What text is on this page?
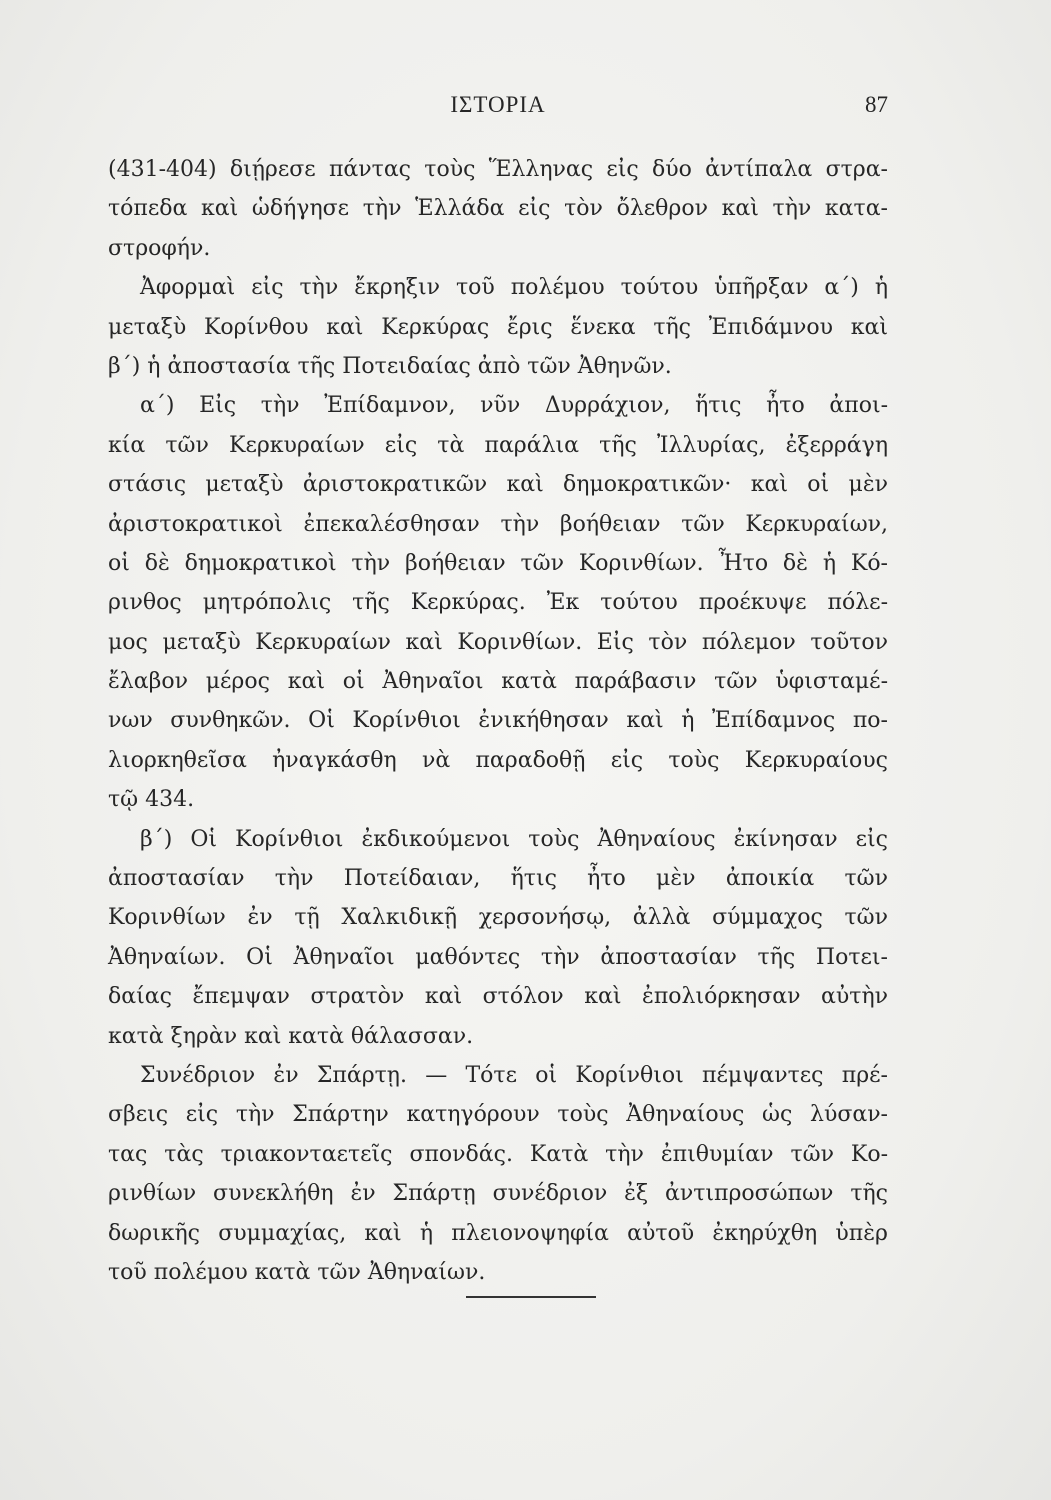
ΙΣΤΟΡΙΑ	87
(431-404) διῄρεσε πάντας τοὺς Ἕλληνας εἰς δύο ἀντίπαλα στρα-
τόπεδα καὶ ὡδήγησε τὴν Ἑλλάδα εἰς τὸν ὄλεθρον καὶ τὴν κατα-
στροφήν.
Ἀφορμαὶ εἰς τὴν ἔκρηξιν τοῦ πολέμου τούτου ὑπῆρξαν α΄) ἡ
μεταξὺ Κορίνθου καὶ Κερκύρας ἔρις ἕνεκα τῆς Ἐπιδάμνου καὶ
β΄) ἡ ἀποστασία τῆς Ποτειδαίας ἀπὸ τῶν Ἀθηνῶν.
α΄) Εἰς τὴν Ἐπίδαμνον, νῦν Δυρράχιον, ἥτις ἦτο ἀποι-
κία τῶν Κερκυραίων εἰς τὰ παράλια τῆς Ἰλλυρίας, ἐξερράγη
στάσις μεταξὺ ἀριστοκρατικῶν καὶ δημοκρατικῶν· καὶ οἱ μὲν
ἀριστοκρατικοὶ ἐπεκαλέσθησαν τὴν βοήθειαν τῶν Κερκυραίων,
οἱ δὲ δημοκρατικοὶ τὴν βοήθειαν τῶν Κορινθίων. Ἦτο δὲ ἡ Κό-
ρινθος μητρόπολις τῆς Κερκύρας. Ἐκ τούτου προέκυψε πόλε-
μος μεταξὺ Κερκυραίων καὶ Κορινθίων. Εἰς τὸν πόλεμον τοῦτον
ἔλαβον μέρος καὶ οἱ Ἀθηναῖοι κατὰ παράβασιν τῶν ὑφισταμέ-
νων συνθηκῶν. Οἱ Κορίνθιοι ἐνικήθησαν καὶ ἡ Ἐπίδαμνος πο-
λιορκηθεῖσα ἠναγκάσθη νὰ παραδοθῇ εἰς τοὺς Κερκυραίους
τῷ 434.
β΄) Οἱ Κορίνθιοι ἐκδικούμενοι τοὺς Ἀθηναίους ἐκίνησαν εἰς
ἀποστασίαν τὴν Ποτείδαιαν, ἥτις ἦτο μὲν ἀποικία τῶν
Κορινθίων ἐν τῇ Χαλκιδικῇ χερσονήσῳ, ἀλλὰ σύμμαχος τῶν
Ἀθηναίων. Οἱ Ἀθηναῖοι μαθόντες τὴν ἀποστασίαν τῆς Ποτει-
δαίας ἔπεμψαν στρατὸν καὶ στόλον καὶ ἐπολιόρκησαν αὐτὴν
κατὰ ξηρὰν καὶ κατὰ θάλασσαν.
Συνέδριον ἐν Σπάρτῃ. — Τότε οἱ Κορίνθιοι πέμψαντες πρέ-
σβεις εἰς τὴν Σπάρτην κατηγόρουν τοὺς Ἀθηναίους ὡς λύσαν-
τας τὰς τριακονταετεῖς σπονδάς. Κατὰ τὴν ἐπιθυμίαν τῶν Κο-
ρινθίων συνεκλήθη ἐν Σπάρτῃ συνέδριον ἐξ ἀντιπροσώπων τῆς
δωρικῆς συμμαχίας, καὶ ἡ πλειονοψηφία αὐτοῦ ἐκηρύχθη ὑπὲρ
τοῦ πολέμου κατὰ τῶν Ἀθηναίων.
